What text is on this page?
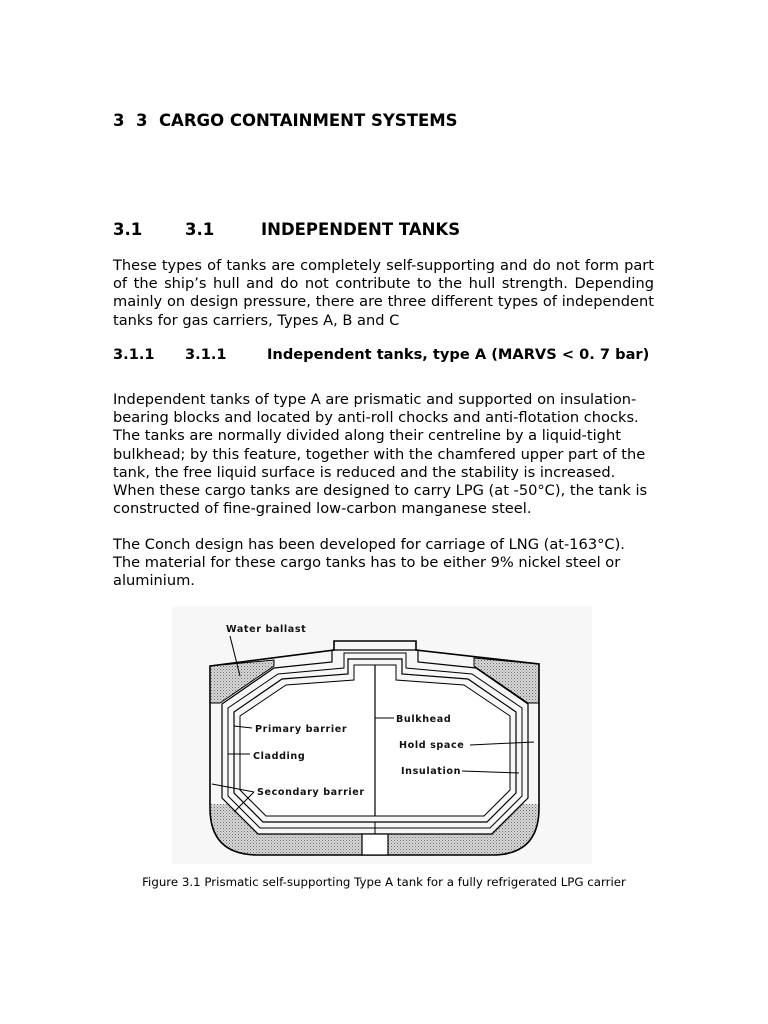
3  3  CARGO CONTAINMENT SYSTEMS
3.1	3.1	INDEPENDENT TANKS

These types of tanks are completely self-supporting and do not form part of the ship’s hull and do not contribute to the hull strength. Depending mainly on design pressure, there are three different types of independent tanks for gas carriers, Types A, B and C

3.1.1 3.1.1	Independent tanks, type A (MARVS < 0. 7 bar)

Independent tanks of type A are prismatic and supported on insulation-bearing blocks and located by anti-roll chocks and anti-flotation chocks. The tanks are normally divided along their centreline by a liquid-tight bulkhead; by this feature, together with the chamfered upper part of the tank, the free liquid surface is reduced and the stability is increased. When these cargo tanks are designed to carry LPG (at -50°C), the tank is constructed of fine-grained low-carbon manganese steel.

The Conch design has been developed for carriage of LNG (at-163°C). The material for these cargo tanks has to be either 9% nickel steel or aluminium.

Water ballast
Primary barrier
Cladding
Secondary barrier
Bulkhead
Hold space
Insulation

Figure 3.1 Prismatic self-supporting Type A tank for a fully refrigerated LPG carrier
